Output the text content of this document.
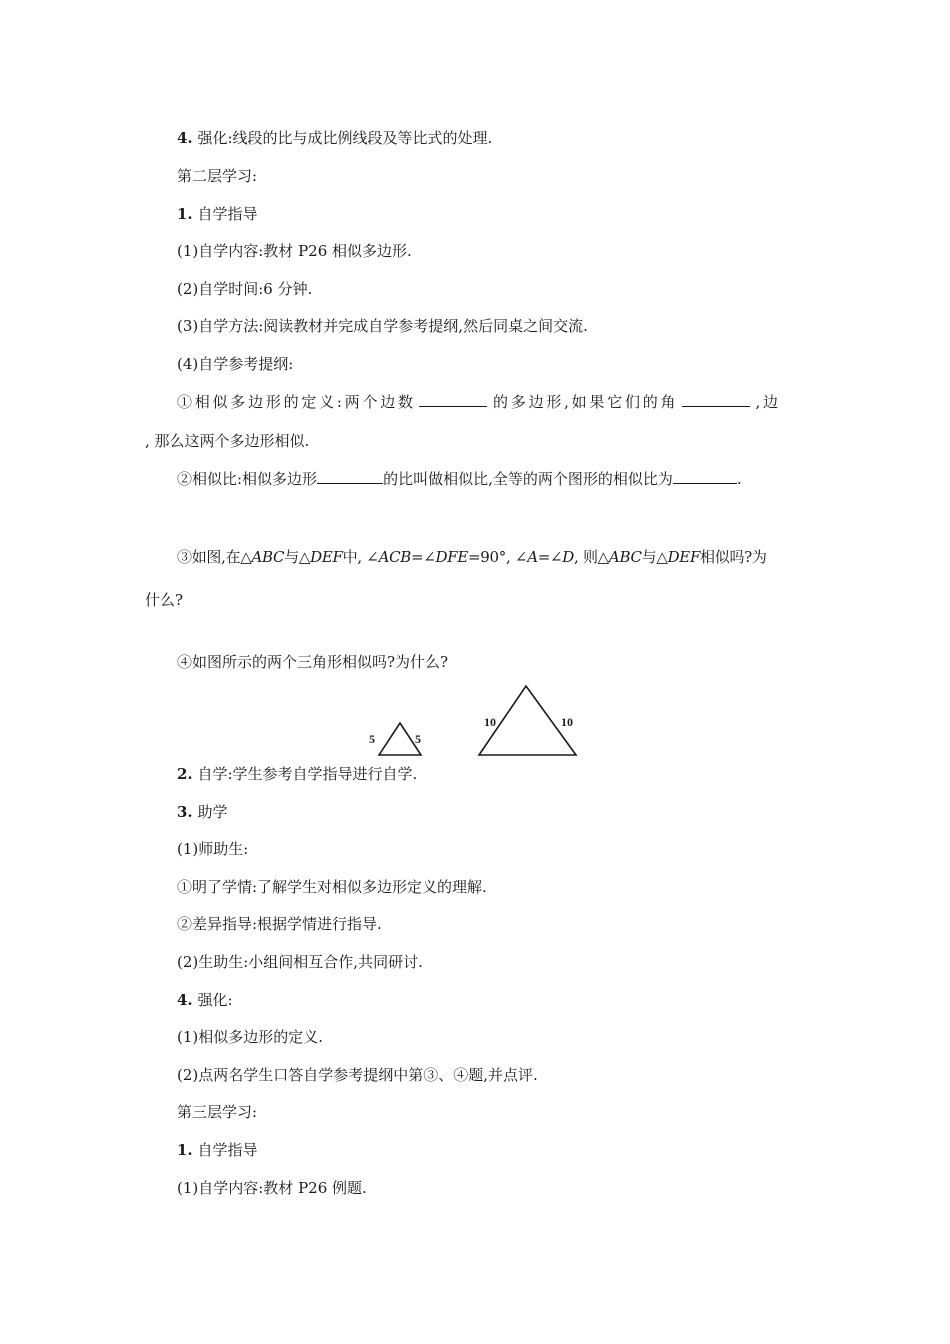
4. 强化:线段的比与成比例线段及等比式的处理.
第二层学习:
1. 自学指导
(1)自学内容:教材 P26 相似多边形.
(2)自学时间:6 分钟.
(3)自学方法:阅读教材并完成自学参考提纲,然后同桌之间交流.
(4)自学参考提纲:
① 相 似 多 边 形 的 定 义 : 两 个 边 数	的 多 边 形 , 如 果 它 们 的 角	, 边
, 那么这两个多边形相似.
②相似比:相似多边形	的比叫做相似比,全等的两个图形的相似比为	.
③如图,在△ABC与△DEF中, ∠ACB=∠DFE=90°, ∠A=∠D, 则△ABC与△DEF相似吗?为
什么?
④如图所示的两个三角形相似吗?为什么?
5	5
10	10
2. 自学:学生参考自学指导进行自学.
3. 助学
(1)师助生:
①明了学情:了解学生对相似多边形定义的理解.
②差异指导:根据学情进行指导.
(2)生助生:小组间相互合作,共同研讨.
4. 强化:
(1)相似多边形的定义.
(2)点两名学生口答自学参考提纲中第③、④题,并点评.
第三层学习:
1. 自学指导
(1)自学内容:教材 P26 例题.
